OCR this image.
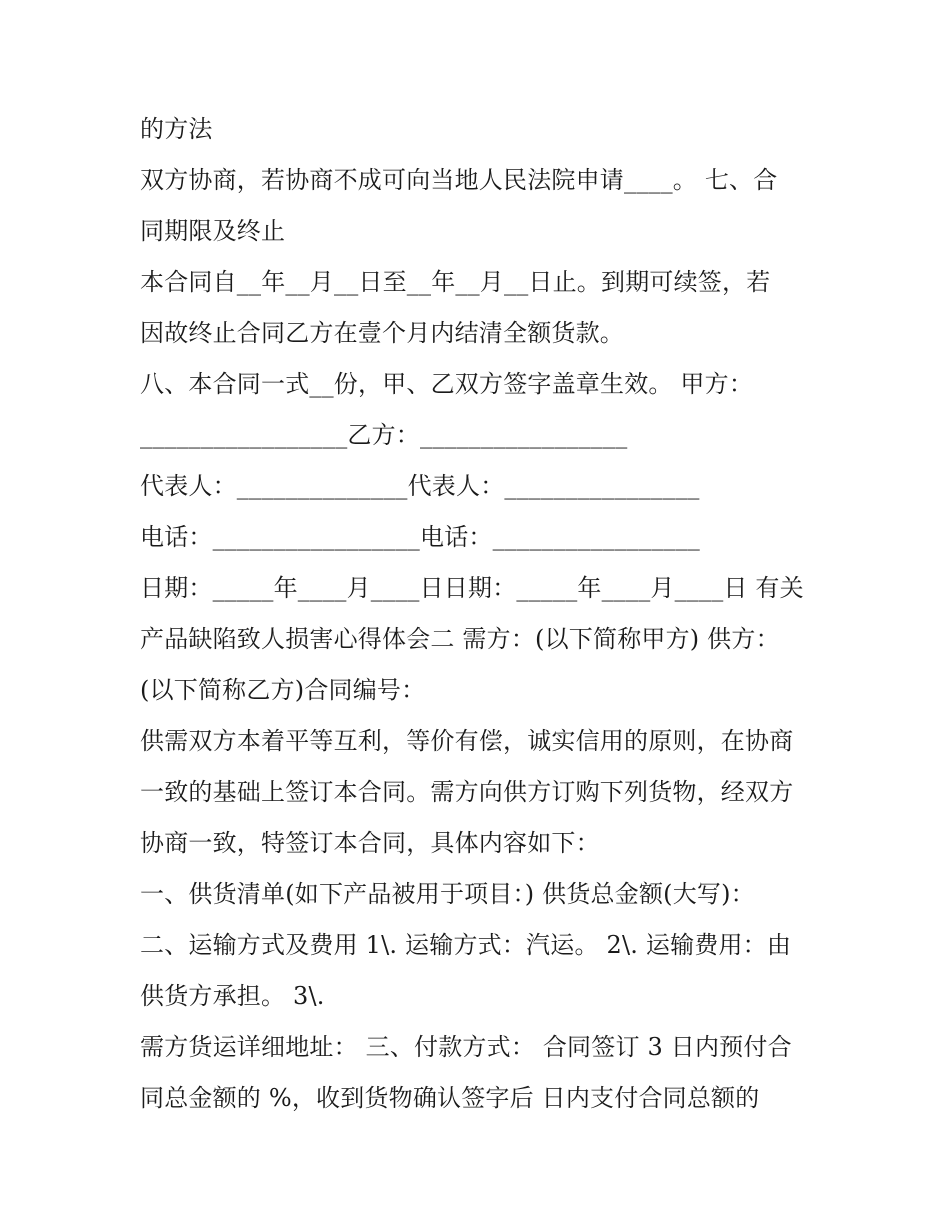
的方法
双方协商，若协商不成可向当地人民法院申请____。 七、合
同期限及终止
本合同自__年__月__日至__年__月__日止。到期可续签，若
因故终止合同乙方在壹个月内结清全额货款。
八、本合同一式__份，甲、乙双方签字盖章生效。 甲方：
_________________乙方：_________________
代表人：______________代表人：________________
电话：_________________电话：_________________
日期：_____年____月____日日期：_____年____月____日 有关
产品缺陷致人损害心得体会二 需方：(以下简称甲方) 供方：
(以下简称乙方)合同编号：
供需双方本着平等互利，等价有偿，诚实信用的原则，在协商
一致的基础上签订本合同。需方向供方订购下列货物，经双方
协商一致，特签订本合同，具体内容如下：
一、供货清单(如下产品被用于项目：) 供货总金额(大写)：
二、运输方式及费用 1\. 运输方式：汽运。 2\. 运输费用：由
供货方承担。 3\.
需方货运详细地址： 三、付款方式： 合同签订 3 日内预付合
同总金额的 %，收到货物确认签字后 日内支付合同总额的
